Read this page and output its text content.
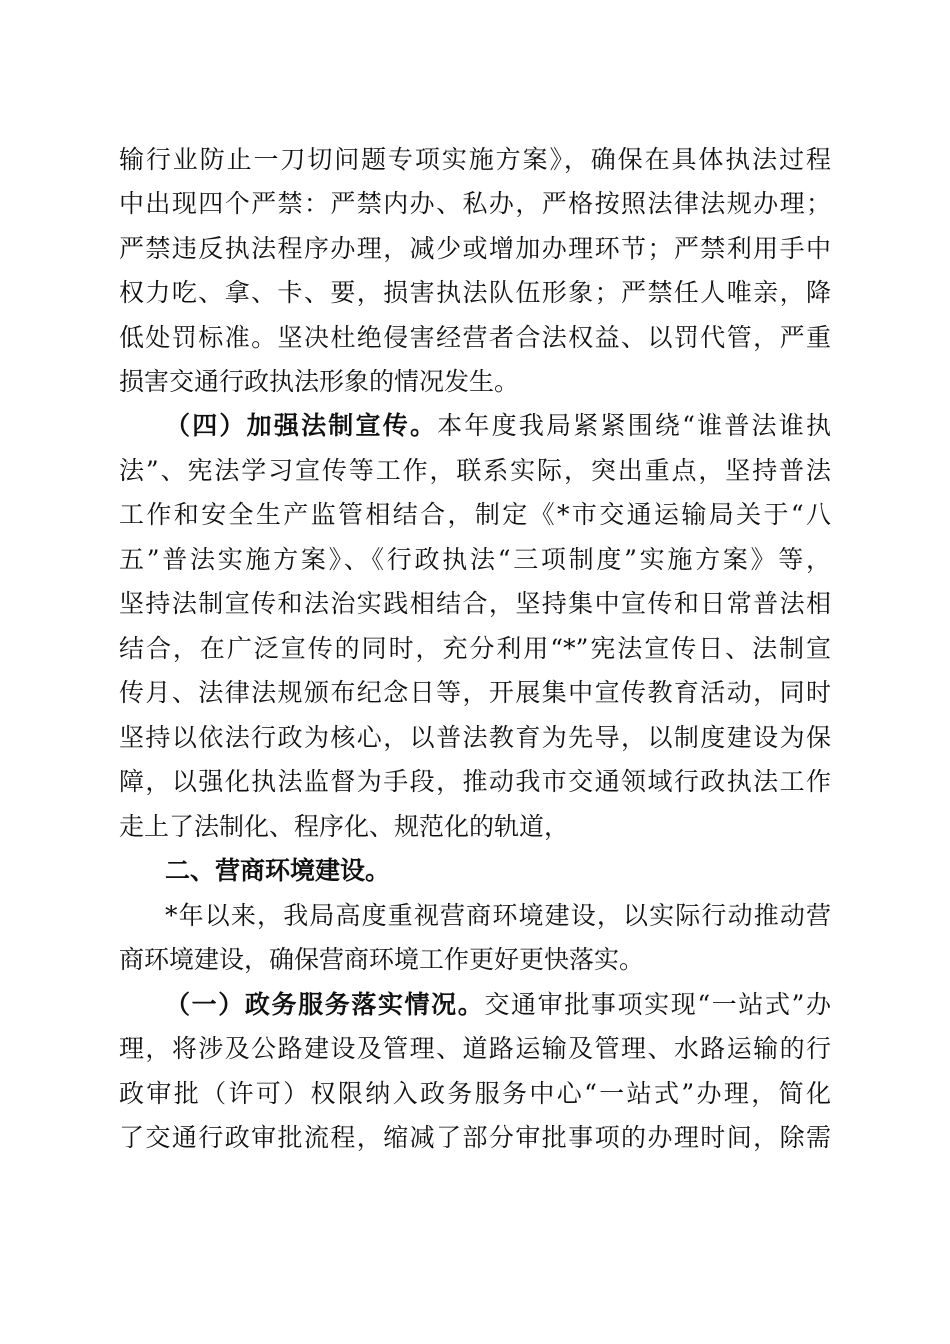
输行业防止一刀切问题专项实施方案》，确保在具体执法过程
中出现四个严禁：严禁内办、私办，严格按照法律法规办理；
严禁违反执法程序办理，减少或增加办理环节；严禁利用手中
权力吃、拿、卡、要，损害执法队伍形象；严禁任人唯亲，降
低处罚标准。坚决杜绝侵害经营者合法权益、以罚代管，严重
损害交通行政执法形象的情况发生。
（四）加强法制宣传。本年度我局紧紧围绕“谁普法谁执
法”、宪法学习宣传等工作，联系实际，突出重点，坚持普法
工作和安全生产监管相结合，制定《*市交通运输局关于“八
五”普法实施方案》、《行政执法“三项制度”实施方案》等，
坚持法制宣传和法治实践相结合，坚持集中宣传和日常普法相
结合，在广泛宣传的同时，充分利用“*”宪法宣传日、法制宣
传月、法律法规颁布纪念日等，开展集中宣传教育活动，同时
坚持以依法行政为核心，以普法教育为先导，以制度建设为保
障，以强化执法监督为手段，推动我市交通领域行政执法工作
走上了法制化、程序化、规范化的轨道，
二、营商环境建设。
*年以来，我局高度重视营商环境建设，以实际行动推动营
商环境建设，确保营商环境工作更好更快落实。
（一）政务服务落实情况。交通审批事项实现“一站式”办
理，将涉及公路建设及管理、道路运输及管理、水路运输的行
政审批（许可）权限纳入政务服务中心“一站式”办理，简化
了交通行政审批流程，缩减了部分审批事项的办理时间，除需
